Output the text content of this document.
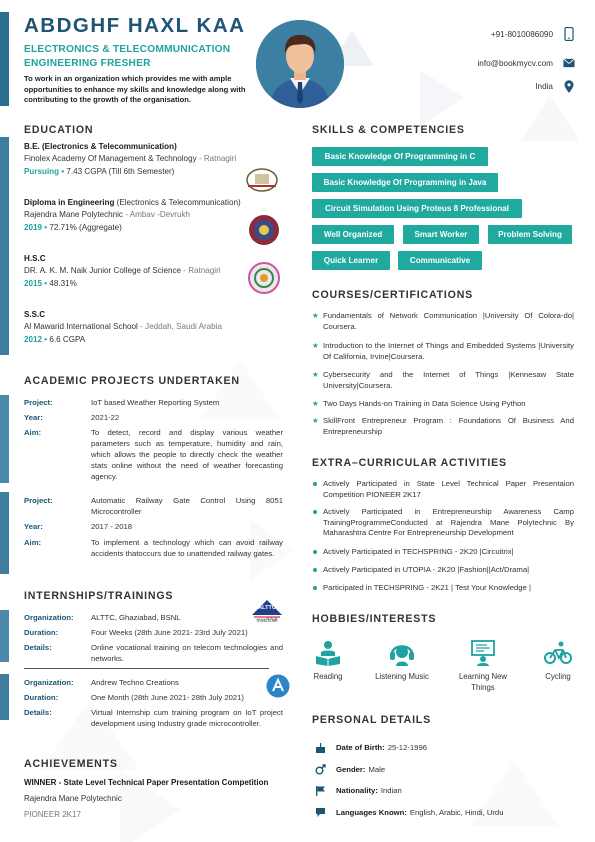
ABDGHF HAXL KAA
ELECTRONICS & TELECOMMUNICATION
ENGINEERING FRESHER
To work in an organization which provides me with ample opportunities to enhance my skills and knowledge along with contributing to the growth of the organisation.
+91-8010086090
info@bookmycv.com
India
EDUCATION
B.E. (Electronics & Telecommunication)
Finolex Academy Of Management & Technology - Ratnagiri
Pursuing • 7.43 CGPA (Till 6th Semester)
Diploma in Engineering (Electronics & Telecommunication)
Rajendra Mane Polytechnic - Ambav -Devrukh
2019 • 72.71% (Aggregate)
H.S.C
DR. A. K. M. Naik Junior College of Science - Ratnagiri
2015 • 48.31%
S.S.C
Al Mawarid International School - Jeddah, Saudi Arabia
2012 • 6.6 CGPA
ACADEMIC PROJECTS UNDERTAKEN
Project:	IoT based Weather Reporting System
Year:	2021-22
Aim:	To detect, record and display various weather parameters such as temperature, humidity and rain, which allows the people to directly check the weather stats online without the need of weather forecasting agency.
Project:	Automatic Railway Gate Control Using 8051 Microcontroller
Year:	2017 - 2018
Aim:	To implement a technology which can avoid railway accidents thatoccurs due to unattended railway gates.
INTERNSHIPS/TRAININGS
Organization:	ALTTC, Ghaziabad, BSNL
Duration:	Four Weeks (28th June 2021- 23rd July 2021)
Details:	Online vocational training on telecom technologies and networks.
ALTTC
एएलटीटीसी
Organization:	Andrew Techno Creations
Duration:	One Month (28th June 2021- 28th July 2021)
Details:	Virtual Internship cum training program on IoT project development using Industry grade microcontroller.
ACHIEVEMENTS
WINNER - State Level Technical Paper Presentation Competition
Rajendra Mane Polytechnic
PIONEER 2K17
SKILLS & COMPETENCIES
Basic Knowledge Of Programming in C
Basic Knowledge Of Programming in Java
Circuit Simulation Using Proteus 8 Professional
Well Organized	Smart Worker	Problem Solving
Quick Learner	Communicative
COURSES/CERTIFICATIONS
★ Fundamentals of Network Communication |University Of Colora-do| Coursera.
★ Introduction to the Internet of Things and Embedded Systems |University Of California, Irvine|Coursera.
★ Cybersecurity and the Internet of Things |Kennesaw State University|Coursera.
★ Two Days Hands-on Training in Data Science Using Python
★ SkillFront Entrepreneur Program : Foundations Of Business And Entrepreneurship
EXTRA–CURRICULAR ACTIVITIES
Actively Participated in State Level Technical Paper Presentaion Competition PIONEER 2K17
Actively Participated in Entrepreneurship Awareness Camp TrainingProgrammeConducted at Rajendra Mane Polytechnic By Maharashtra Centre For Entrepreneurship Development
Actively Participated in TECHSPRING - 2K20 |Circuitrix|
Actively Participated in UTOPIA - 2K20 |Fashion||Act/Drama|
Participated in TECHSPRING - 2K21 | Test Your Knowledge |
HOBBIES/INTERESTS
Reading	Listening Music	Learning New Things
Cycling
PERSONAL DETAILS
Date of Birth: 25-12-1996
Gender: Male
Nationality: Indian
Languages Known: English, Arabic, Hindi, Urdu
